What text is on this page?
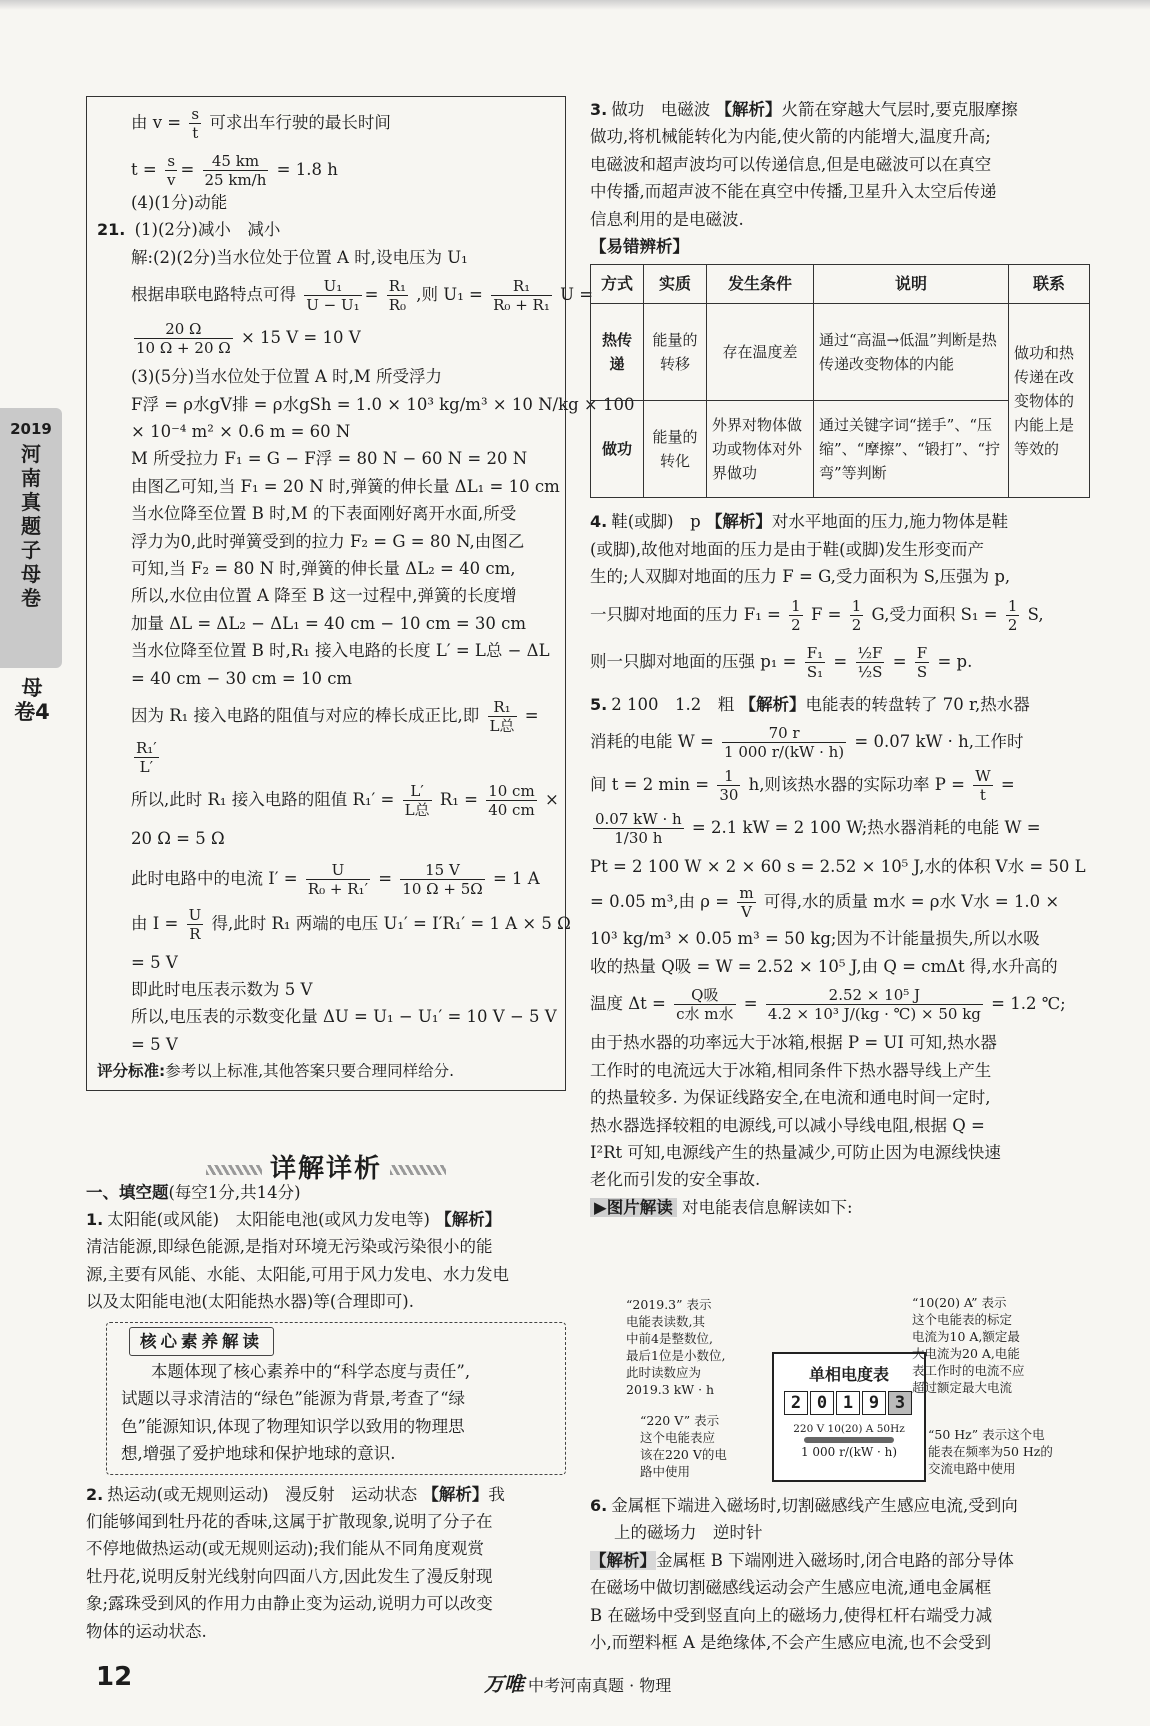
由 $v = \frac{s}{t}$ 可求出车行驶的最长时间

$t = \frac{s}{v} = \frac{45 km}{25 km/h} = 1.8$ h

(4)(1分)动能

21. (1)(2分)减小　减小

解:(2)(2分)当水位处于位置 A 时,设电压为 U₁

根据串联电路特点可得 $\frac{\text{U₁}}{\text{U − U₁}} = \frac{\text{R₁}}{\text{R₀}}$ ,则 $U_1 = \frac{\text{R₁}}{\text{R₀ + R₁}}$ U =

$\frac{20 \Omega}{10 \Omega + 20 \Omega} \times 15$ V = 10 V

(3)(5分)当水位处于位置 A 时,M 所受浮力

F浮 = ρ水gV排 = ρ水gSh = 1.0 × 10³ kg/m³ × 10 N/kg × 100

× 10⁻⁴ m² × 0.6 m = 60 N

M 所受拉力 F₁ = G − F浮 = 80 N − 60 N = 20 N

由图乙可知,当 F₁ = 20 N 时,弹簧的伸长量 ΔL₁ = 10 cm

当水位降至位置 B 时,M 的下表面刚好离开水面,所受

浮力为0,此时弹簧受到的拉力 F₂ = G = 80 N,由图乙

可知,当 F₂ = 80 N 时,弹簧的伸长量 ΔL₂ = 40 cm,

所以,水位由位置 A 降至 B 这一过程中,弹簧的长度增

加量 ΔL = ΔL₂ − ΔL₁ = 40 cm − 10 cm = 30 cm

当水位降至位置 B 时,R₁ 接入电路的长度 L′ = L总 − ΔL

= 40 cm − 30 cm = 10 cm

因为 R₁ 接入电路的阻值与对应的棒长成正比,即 $\frac{\text{R₁}}{\text{L总}}$ =

$\frac{\text{R₁′}}{L'}$

所以,此时 R₁ 接入电路的阻值 $R_1' = \frac{L'}{\text{L总}} R_1 = \frac{10 cm}{40 cm}$ ×

20 Ω = 5 Ω

此时电路中的电流 $I' = \frac{U}{\text{R₀ + R₁′}} = \frac{15 V}{10 \Omega + 5\Omega} = 1$ A

由 $I = \frac{U}{R}$ 得,此时 R₁ 两端的电压 U₁′ = I′R₁′ = 1 A × 5 Ω

= 5 V

即此时电压表示数为 5 V

所以,电压表的示数变化量 ΔU = U₁ − U₁′ = 10 V − 5 V

= 5 V

评分标准:参考以上标准,其他答案只要合理同样给分.

一、填空题(每空1分,共14分)

1. 太阳能(或风能)　太阳能电池(或风力发电等) 【解析】

清洁能源,即绿色能源,是指对环境无污染或污染很小的能

源,主要有风能、水能、太阳能,可用于风力发电、水力发电

以及太阳能电池(太阳能热水器)等(合理即可).

核心素养解读

本题体现了核心素养中的“科学态度与责任”,

试题以寻求清洁的“绿色”能源为背景,考查了“绿

色”能源知识,体现了物理知识学以致用的物理思

想,增强了爱护地球和保护地球的意识.

2. 热运动(或无规则运动)　漫反射　运动状态 【解析】我

们能够闻到牡丹花的香味,这属于扩散现象,说明了分子在

不停地做热运动(或无规则运动);我们能从不同角度观赏

牡丹花,说明反射光线射向四面八方,因此发生了漫反射现

象;露珠受到风的作用力由静止变为运动,说明力可以改变

物体的运动状态.

详解详析
2019
河南真题子母卷
母卷4

3. 做功　电磁波 【解析】火箭在穿越大气层时,要克服摩擦

做功,将机械能转化为内能,使火箭的内能增大,温度升高;

电磁波和超声波均可以传递信息,但是电磁波可以在真空

中传播,而超声波不能在真空中传播,卫星升入太空后传递

信息利用的是电磁波.

【易错辨析】

方式	实质	发生条件	说明	联系
热传递	能量的转移	存在温度差	通过“高温→低温”判断是热传递改变物体的内能	做功和热传递在改变物体的内能上是等效的
做功	能量的转化	外界对物体做功或物体对外界做功	通过关键字词“搓手”、“压缩”、“摩擦”、“锻打”、“拧弯”等判断	

4. 鞋(或脚)　p 【解析】对水平地面的压力,施力物体是鞋

(或脚),故他对地面的压力是由于鞋(或脚)发生形变而产

生的;人双脚对地面的压力 F = G,受力面积为 S,压强为 p,

一只脚对地面的压力 $F_1 = \frac{1}{2}$ $F = \frac{1}{2} G$,受力面积 $S_1 = \frac{1}{2} S$,

则一只脚对地面的压强 $p_1 = \frac{\text{F₁}}{\text{S₁}} = \frac{\text{½F}}{\text{½S}} = \frac{F}{S} = p$.

5. 2 100　1.2　粗 【解析】电能表的转盘转了 70 r,热水器

消耗的电能 $W = \frac{70 r}{1 000 r/(kW \cdot h)} = 0.07$ kW · h,工作时

间 t = 2 $\min = \frac{1}{30} h$,则该热水器的实际功率 $P = \frac{W}{t}$ =

$\frac{0.07 kW \cdot h}{1/30 h} = 2.1$ kW = 2 100 W;热水器消耗的电能 W =

Pt = 2 100 W × 2 × 60 s = 2.52 × 10⁵ J,水的体积 V水 = 50 L

= 0.05 m³,由 $\rho = \frac{m}{V}$ 可得,水的质量 m水 = ρ水 V水 = 1.0 ×

10³ kg/m³ × 0.05 m³ = 50 kg;因为不计能量损失,所以水吸

收的热量 Q吸 = W = 2.52 × 10⁵ J,由 Q = cmΔt 得,水升高的

温度 $\Delta t = \frac{\text{Q吸}}{\text{c水 m水}} = \frac{\text{2.52 × 10⁵ J}}{\text{4.2 × 10³ J/(kg · ℃) × 50 kg}} = 1.2$ ℃;

由于热水器的功率远大于冰箱,根据 P = UI 可知,热水器

工作时的电流远大于冰箱,相同条件下热水器导线上产生

的热量较多. 为保证线路安全,在电流和通电时间一定时,

热水器选择较粗的电源线,可以减小导线电阻,根据 Q =

I²Rt 可知,电源线产生的热量减少,可防止因为电源线快速

老化而引发的安全事故.

▶图片解读 对电能表信息解读如下:

“2019.3” 表示
电能表读数,其
中前4是整数位,
最后1位是小数位,
此时读数应为
2019.3 kW · h
“220 V” 表示
这个电能表应
该在220 V的电
路中使用
单相电度表
2 0 1 9 3
220 V 10(20) A 50Hz
1 000 r/(kW · h)
“10(20) A” 表示
这个电能表的标定
电流为10 A,额定最
大电流为20 A,电能
表工作时的电流不应
超过额定最大电流
“50 Hz” 表示这个电
能表在频率为50 Hz的
交流电路中使用

6. 金属框下端进入磁场时,切割磁感线产生感应电流,受到向

上的磁场力　逆时针

【解析】金属框 B 下端刚进入磁场时,闭合电路的部分导体

在磁场中做切割磁感线运动会产生感应电流,通电金属框

B 在磁场中受到竖直向上的磁场力,使得杠杆右端受力减

小,而塑料框 A 是绝缘体,不会产生感应电流,也不会受到

12	万唯 中考河南真题 · 物理
